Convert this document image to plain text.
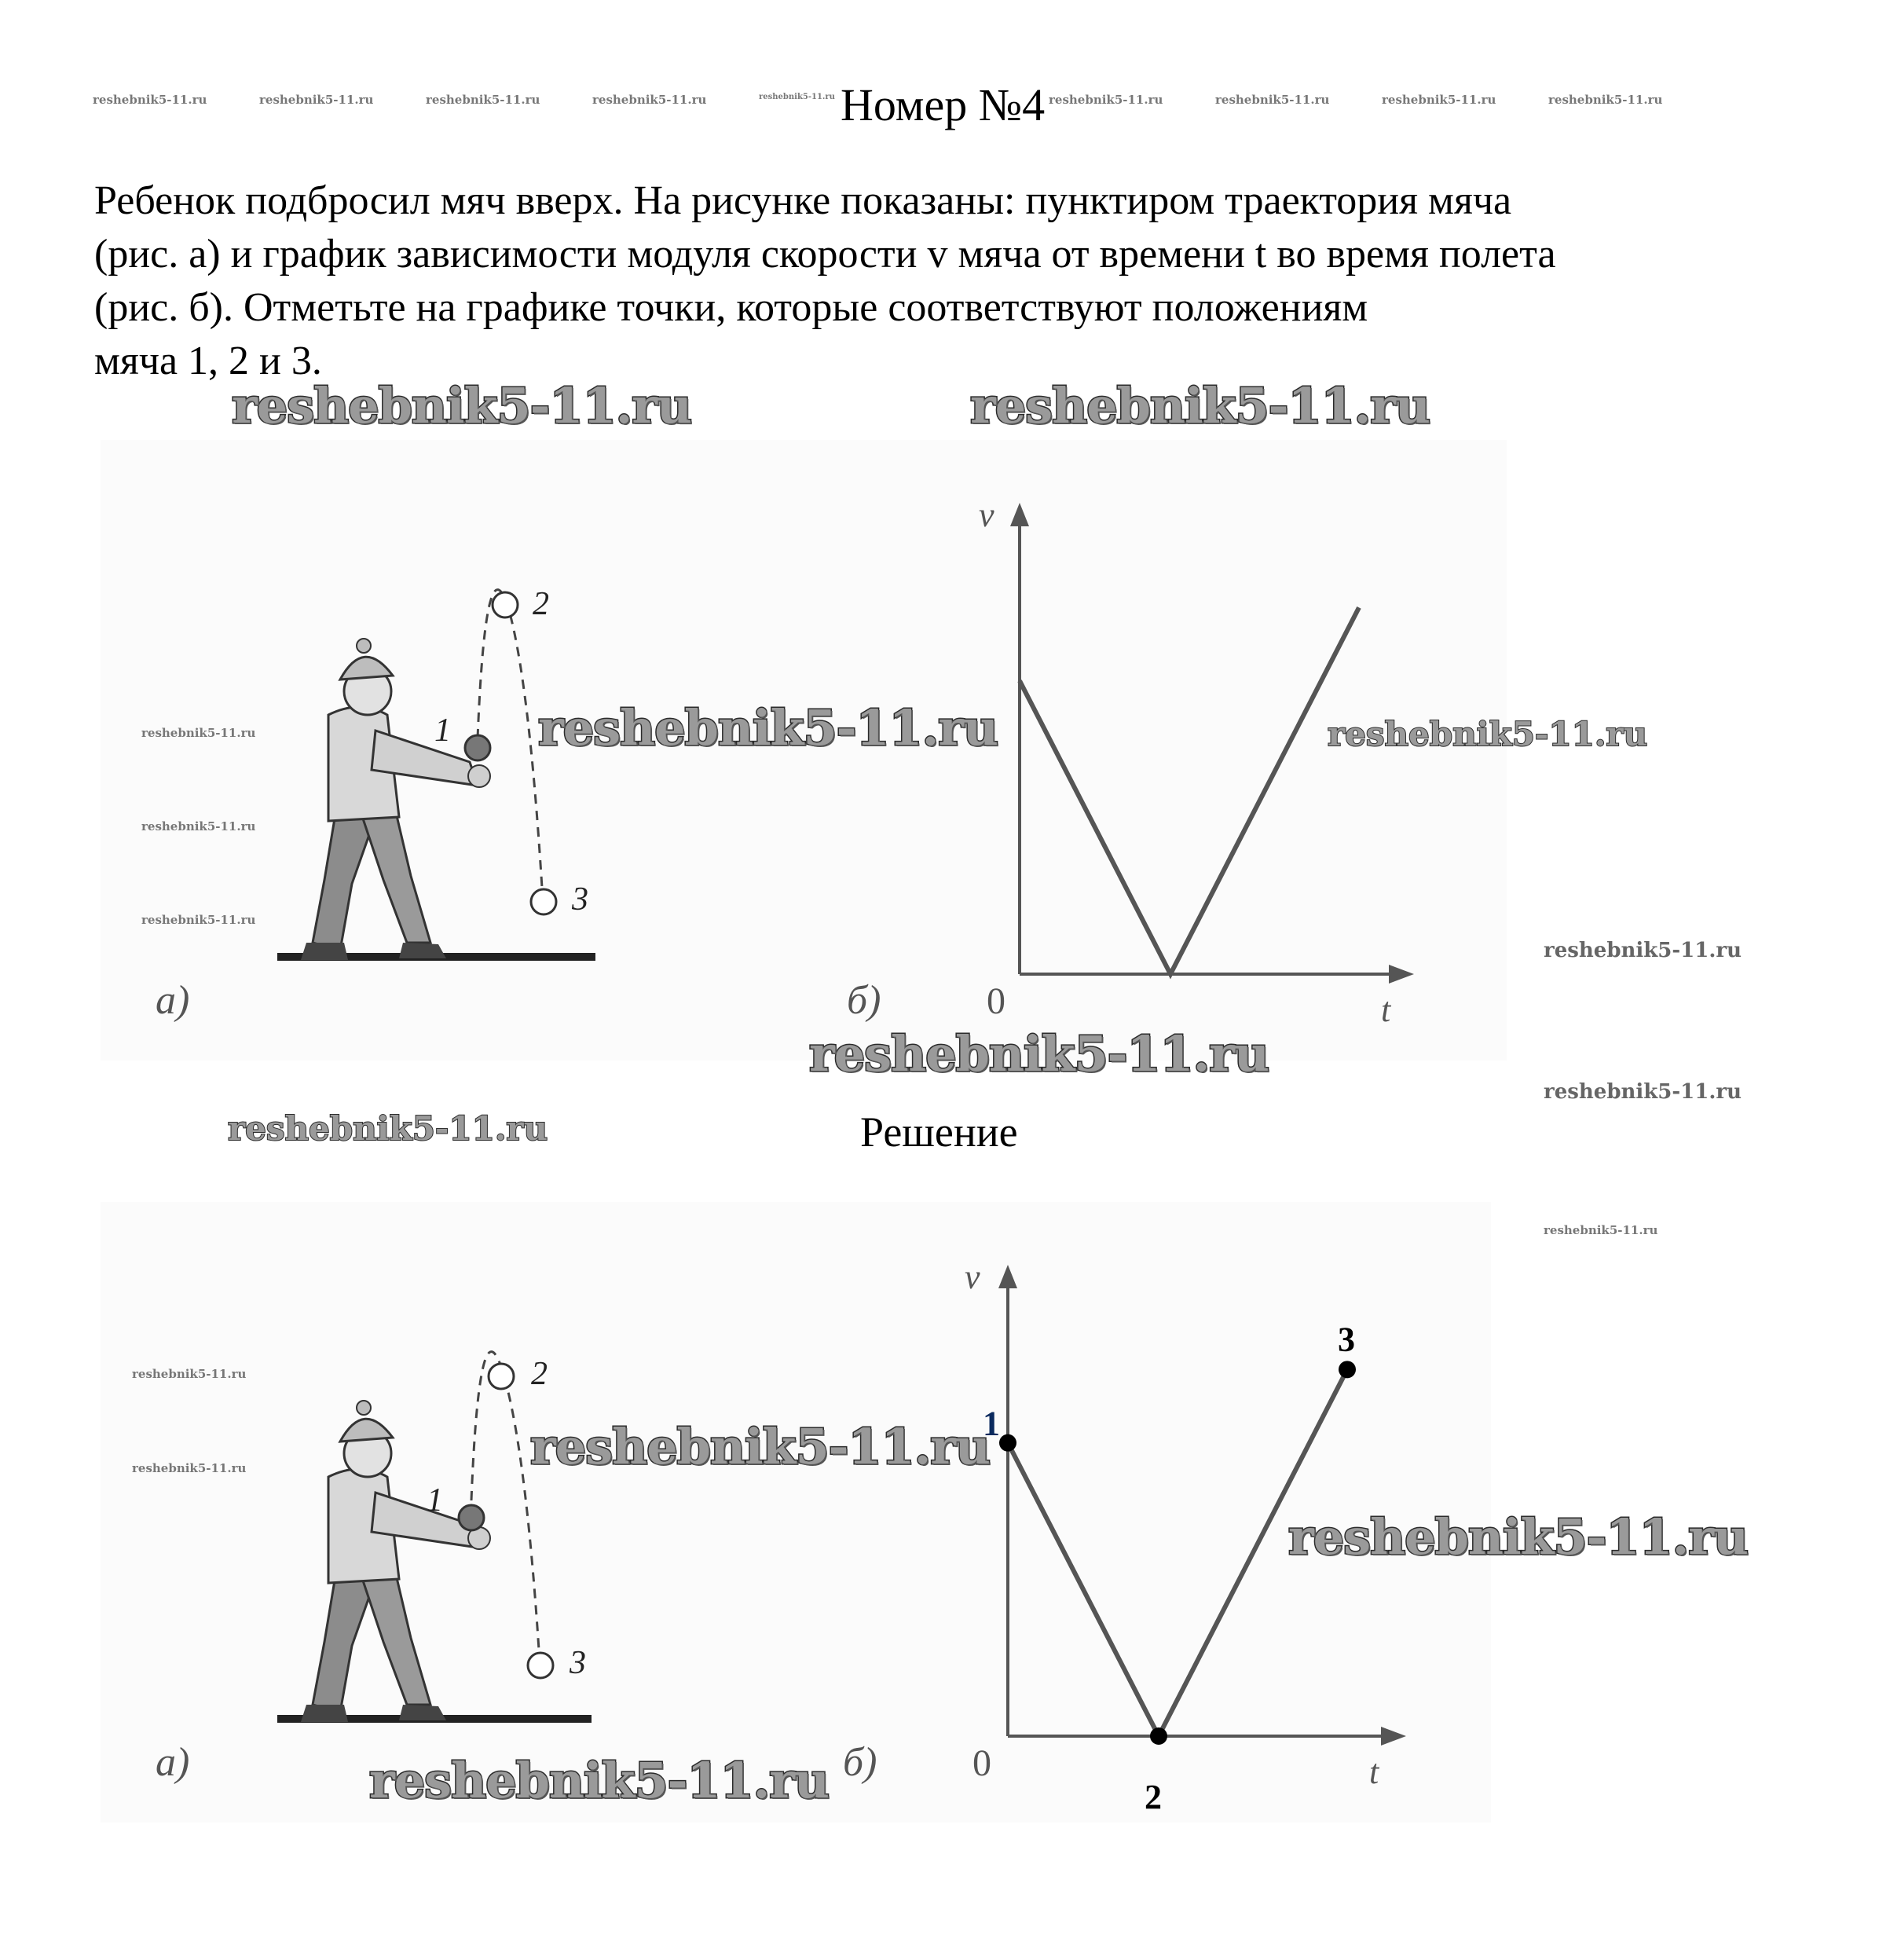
reshebnik5-11.ru	reshebnik5-11.ru	reshebnik5-11.ru	reshebnik5-11.ru	reshebnik5-11.ru	reshebnik5-11.ru	reshebnik5-11.ru	reshebnik5-11.ru	reshebnik5-11.ru
Номер №4

Ребенок подбросил мяч вверх. На рисунке показаны: пунктиром траектория мяча

(рис. а) и график зависимости модуля скорости v мяча от времени t во время полета

(рис. б). Отметьте на графике точки, которые соответствуют положениям

мяча 1, 2 и 3.

1
2
3
а)	б)	0
v
t
reshebnik5-11.ru	reshebnik5-11.ru
reshebnik5-11.ru	reshebnik5-11.ru
reshebnik5-11.ru
reshebnik5-11.ru
reshebnik5-11.ru
reshebnik5-11.ru
reshebnik5-11.ru
reshebnik5-11.ru
reshebnik5-11.ru
reshebnik5-11.ru
Решение
1
2
3
а)	б)	0
v
t
1
2
3
reshebnik5-11.ru
reshebnik5-11.ru
reshebnik5-11.ru
reshebnik5-11.ru
reshebnik5-11.ru
